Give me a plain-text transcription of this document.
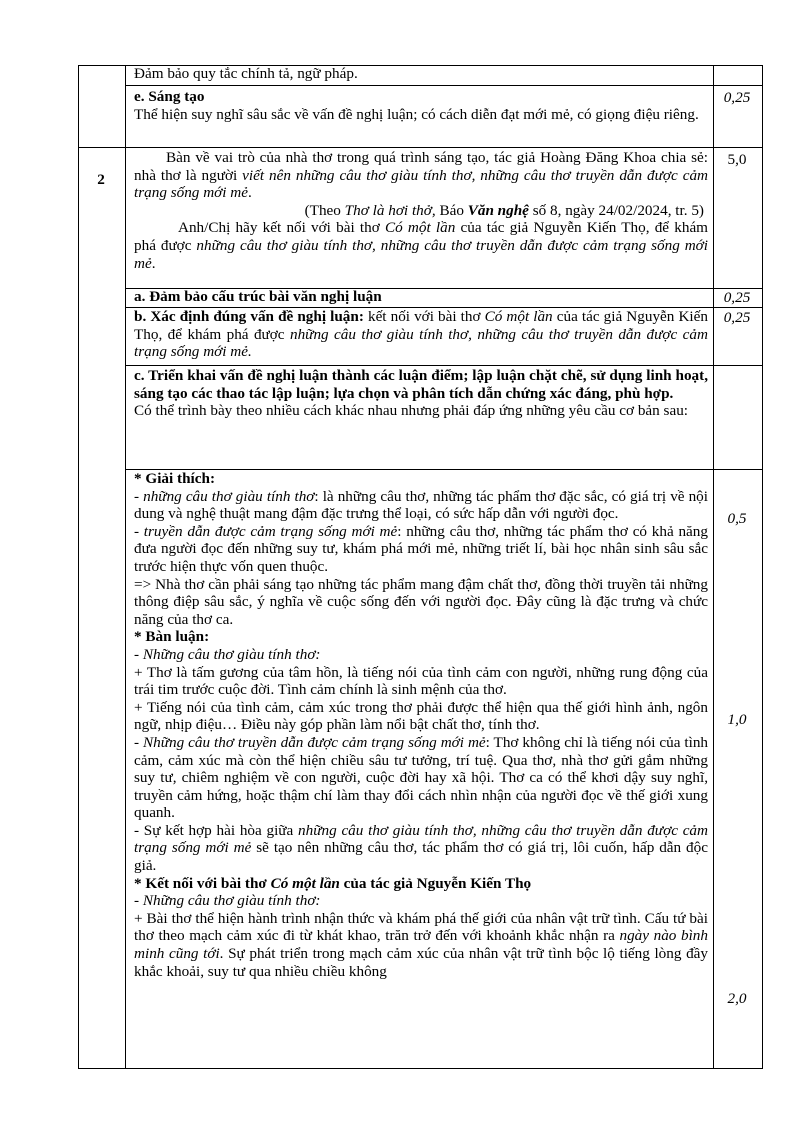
Đảm bảo quy tắc chính tả, ngữ pháp.

e. Sáng tạo

Thể hiện suy nghĩ sâu sắc về vấn đề nghị luận; có cách diễn đạt mới mẻ, có giọng điệu riêng.

0,25
2
5,0

Bàn về vai trò của nhà thơ trong quá trình sáng tạo, tác giả Hoàng Đăng Khoa chia sẻ: nhà thơ là người viết nên những câu thơ giàu tính thơ, những câu thơ truyền dẫn được cảm trạng sống mới mẻ.

(Theo Thơ là hơi thở, Báo Văn nghệ số 8, ngày 24/02/2024, tr. 5)

Anh/Chị hãy kết nối với bài thơ Có một lần của tác giả Nguyễn Kiến Thọ, để khám phá được những câu thơ giàu tính thơ, những câu thơ truyền dẫn được cảm trạng sống mới mẻ.

a. Đảm bảo cấu trúc bài văn nghị luận	0,25

b. Xác định đúng vấn đề nghị luận: kết nối với bài thơ Có một lần của tác giả Nguyễn Kiến Thọ, để khám phá được những câu thơ giàu tính thơ, những câu thơ truyền dẫn được cảm trạng sống mới mẻ.

0,25

c. Triển khai vấn đề nghị luận thành các luận điểm; lập luận chặt chẽ, sử dụng linh hoạt, sáng tạo các thao tác lập luận; lựa chọn và phân tích dẫn chứng xác đáng, phù hợp.

Có thể trình bày theo nhiều cách khác nhau nhưng phải đáp ứng những yêu cầu cơ bản sau:

* Giải thích:

- những câu thơ giàu tính thơ: là những câu thơ, những tác phẩm thơ đặc sắc, có giá trị về nội dung và nghệ thuật mang đậm đặc trưng thể loại, có sức hấp dẫn với người đọc.

- truyền dẫn được cảm trạng sống mới mẻ: những câu thơ, những tác phẩm thơ có khả năng đưa người đọc đến những suy tư, khám phá mới mẻ, những triết lí, bài học nhân sinh sâu sắc trước hiện thực vốn quen thuộc.

=> Nhà thơ cần phải sáng tạo những tác phẩm mang đậm chất thơ, đồng thời truyền tải những thông điệp sâu sắc, ý nghĩa về cuộc sống đến với người đọc. Đây cũng là đặc trưng và chức năng của thơ ca.

* Bàn luận:

- Những câu thơ giàu tính thơ:

+ Thơ là tấm gương của tâm hồn, là tiếng nói của tình cảm con người, những rung động của trái tim trước cuộc đời. Tình cảm chính là sinh mệnh của thơ.

+ Tiếng nói của tình cảm, cảm xúc trong thơ phải được thể hiện qua thế giới hình ảnh, ngôn ngữ, nhịp điệu… Điều này góp phần làm nổi bật chất thơ, tính thơ.

- Những câu thơ truyền dẫn được cảm trạng sống mới mẻ: Thơ không chỉ là tiếng nói của tình cảm, cảm xúc mà còn thể hiện chiều sâu tư tưởng, trí tuệ. Qua thơ, nhà thơ gửi gắm những suy tư, chiêm nghiệm về con người, cuộc đời hay xã hội. Thơ ca có thể khơi dậy suy nghĩ, truyền cảm hứng, hoặc thậm chí làm thay đổi cách nhìn nhận của người đọc về thế giới xung quanh.

- Sự kết hợp hài hòa giữa những câu thơ giàu tính thơ, những câu thơ truyền dẫn được cảm trạng sống mới mẻ sẽ tạo nên những câu thơ, tác phẩm thơ có giá trị, lôi cuốn, hấp dẫn độc giả.

* Kết nối với bài thơ Có một lần của tác giả Nguyễn Kiến Thọ

- Những câu thơ giàu tính thơ:

+ Bài thơ thể hiện hành trình nhận thức và khám phá thế giới của nhân vật trữ tình. Cấu tứ bài thơ theo mạch cảm xúc đi từ khát khao, trăn trở đến với khoảnh khắc nhận ra ngày nào bình minh cũng tới. Sự phát triển trong mạch cảm xúc của nhân vật trữ tình bộc lộ tiếng lòng đầy khắc khoải, suy tư qua nhiều chiều không

0,5
1,0
2,0
